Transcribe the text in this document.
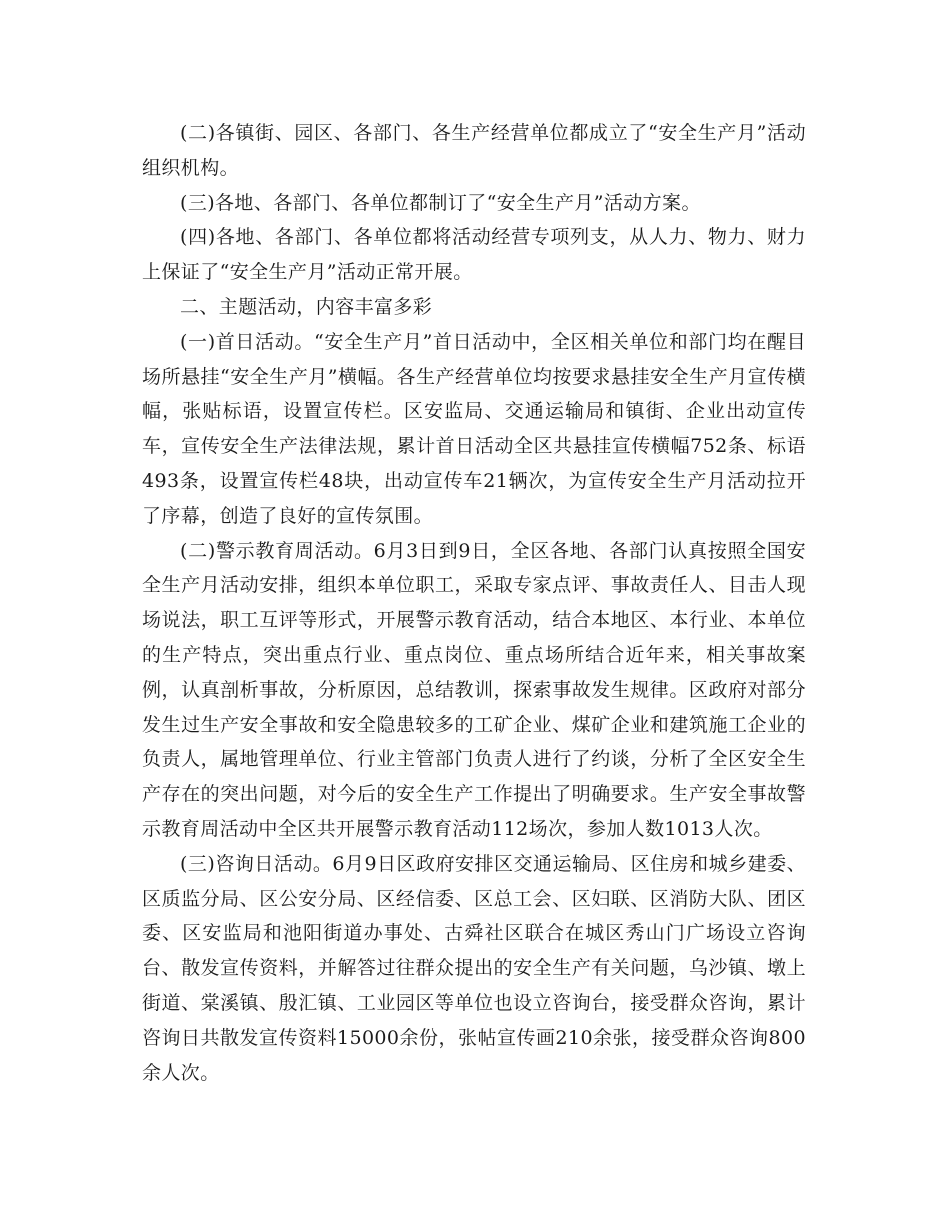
(二)各镇街、园区、各部门、各生产经营单位都成立了“安全生产月”活动组织机构。

(三)各地、各部门、各单位都制订了“安全生产月”活动方案。

(四)各地、各部门、各单位都将活动经营专项列支，从人力、物力、财力上保证了“安全生产月”活动正常开展。

二、主题活动，内容丰富多彩

(一)首日活动。“安全生产月”首日活动中，全区相关单位和部门均在醒目场所悬挂“安全生产月”横幅。各生产经营单位均按要求悬挂安全生产月宣传横幅，张贴标语，设置宣传栏。区安监局、交通运输局和镇街、企业出动宣传车，宣传安全生产法律法规，累计首日活动全区共悬挂宣传横幅752条、标语493条，设置宣传栏48块，出动宣传车21辆次，为宣传安全生产月活动拉开了序幕，创造了良好的宣传氛围。

(二)警示教育周活动。6月3日到9日，全区各地、各部门认真按照全国安全生产月活动安排，组织本单位职工，采取专家点评、事故责任人、目击人现场说法，职工互评等形式，开展警示教育活动，结合本地区、本行业、本单位的生产特点，突出重点行业、重点岗位、重点场所结合近年来，相关事故案例，认真剖析事故，分析原因，总结教训，探索事故发生规律。区政府对部分发生过生产安全事故和安全隐患较多的工矿企业、煤矿企业和建筑施工企业的负责人，属地管理单位、行业主管部门负责人进行了约谈，分析了全区安全生产存在的突出问题，对今后的安全生产工作提出了明确要求。生产安全事故警示教育周活动中全区共开展警示教育活动112场次，参加人数1013人次。

(三)咨询日活动。6月9日区政府安排区交通运输局、区住房和城乡建委、区质监分局、区公安分局、区经信委、区总工会、区妇联、区消防大队、团区委、区安监局和池阳街道办事处、古舜社区联合在城区秀山门广场设立咨询台、散发宣传资料，并解答过往群众提出的安全生产有关问题，乌沙镇、墩上街道、棠溪镇、殷汇镇、工业园区等单位也设立咨询台，接受群众咨询，累计咨询日共散发宣传资料15000余份，张帖宣传画210余张，接受群众咨询800余人次。
